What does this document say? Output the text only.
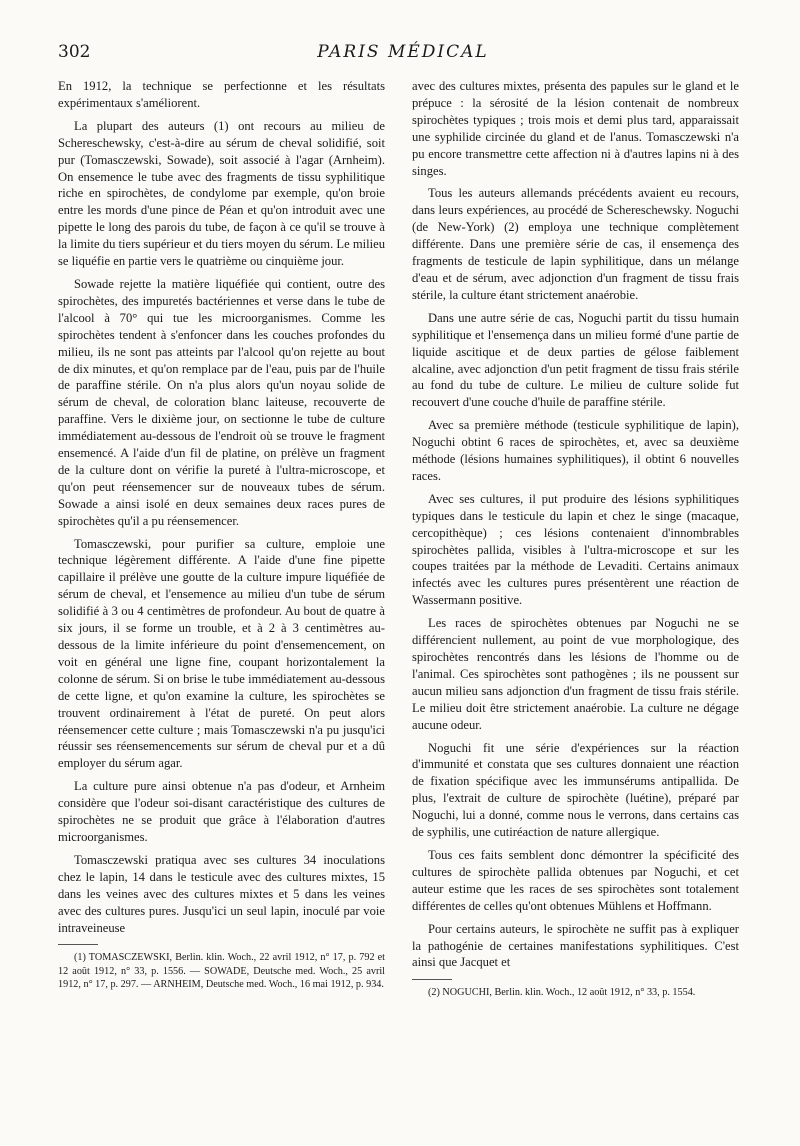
302	PARIS MÉDICAL

En 1912, la technique se perfectionne et les résultats expérimentaux s'améliorent.

La plupart des auteurs (1) ont recours au milieu de Schereschewsky, c'est-à-dire au sérum de cheval solidifié, soit pur (Tomasczewski, Sowade), soit associé à l'agar (Arnheim). On ensemence le tube avec des fragments de tissu syphilitique riche en spirochètes, de condylome par exemple, qu'on broie entre les mords d'une pince de Péan et qu'on introduit avec une pipette le long des parois du tube, de façon à ce qu'il se trouve à la limite du tiers supérieur et du tiers moyen du sérum. Le milieu se liquéfie en partie vers le quatrième ou cinquième jour.

Sowade rejette la matière liquéfiée qui contient, outre des spirochètes, des impuretés bactériennes et verse dans le tube de l'alcool à 70° qui tue les microorganismes. Comme les spirochètes tendent à s'enfoncer dans les couches profondes du milieu, ils ne sont pas atteints par l'alcool qu'on rejette au bout de dix minutes, et qu'on remplace par de l'eau, puis par de l'huile de paraffine stérile. On n'a plus alors qu'un noyau solide de sérum de cheval, de coloration blanc laiteuse, recouverte de paraffine. Vers le dixième jour, on sectionne le tube de culture immédiatement au-dessous de l'endroit où se trouve le fragment ensemencé. A l'aide d'un fil de platine, on prélève un fragment de la culture dont on vérifie la pureté à l'ultra-microscope, et qu'on peut réensemencer sur de nouveaux tubes de sérum. Sowade a ainsi isolé en deux semaines deux races pures de spirochètes qu'il a pu réensemencer.

Tomasczewski, pour purifier sa culture, emploie une technique légèrement différente. A l'aide d'une fine pipette capillaire il prélève une goutte de la culture impure liquéfiée de sérum de cheval, et l'ensemence au milieu d'un tube de sérum solidifié à 3 ou 4 centimètres de profondeur. Au bout de quatre à six jours, il se forme un trouble, et à 2 à 3 centimètres au-dessous de la limite inférieure du point d'ensemencement, on voit en général une ligne fine, coupant horizontalement la colonne de sérum. Si on brise le tube immédiatement au-dessous de cette ligne, et qu'on examine la culture, les spirochètes se trouvent ordinairement à l'état de pureté. On peut alors réensemencer cette culture ; mais Tomasczewski n'a pu jusqu'ici réussir ses réensemencements sur sérum de cheval pur et a dû employer du sérum agar.

La culture pure ainsi obtenue n'a pas d'odeur, et Arnheim considère que l'odeur soi-disant caractéristique des cultures de spirochètes ne se produit que grâce à l'élaboration d'autres microorganismes.

Tomasczewski pratiqua avec ses cultures 34 inoculations chez le lapin, 14 dans le testicule avec des cultures mixtes, 15 dans les veines avec des cultures mixtes et 5 dans les veines avec des cultures pures. Jusqu'ici un seul lapin, inoculé par voie intraveineuse

(1) TOMASCZEWSKI, Berlin. klin. Woch., 22 avril 1912, n° 17, p. 792 et 12 août 1912, n° 33, p. 1556. — SOWADE, Deutsche med. Woch., 25 avril 1912, n° 17, p. 297. — ARNHEIM, Deutsche med. Woch., 16 mai 1912, p. 934.

avec des cultures mixtes, présenta des papules sur le gland et le prépuce : la sérosité de la lésion contenait de nombreux spirochètes typiques ; trois mois et demi plus tard, apparaissait une syphilide circinée du gland et de l'anus. Tomasczewski n'a pu encore transmettre cette affection ni à d'autres lapins ni à des singes.

Tous les auteurs allemands précédents avaient eu recours, dans leurs expériences, au procédé de Schereschewsky. Noguchi (de New-York) (2) employa une technique complètement différente. Dans une première série de cas, il ensemença des fragments de testicule de lapin syphilitique, dans un mélange d'eau et de sérum, avec adjonction d'un fragment de tissu frais stérile, la culture étant strictement anaérobie.

Dans une autre série de cas, Noguchi partit du tissu humain syphilitique et l'ensemença dans un milieu formé d'une partie de liquide ascitique et de deux parties de gélose faiblement alcaline, avec adjonction d'un petit fragment de tissu frais stérile au fond du tube de culture. Le milieu de culture solide fut recouvert d'une couche d'huile de paraffine stérile.

Avec sa première méthode (testicule syphilitique de lapin), Noguchi obtint 6 races de spirochètes, et, avec sa deuxième méthode (lésions humaines syphilitiques), il obtint 6 nouvelles races.

Avec ses cultures, il put produire des lésions syphilitiques typiques dans le testicule du lapin et chez le singe (macaque, cercopithèque) ; ces lésions contenaient d'innombrables spirochètes pallida, visibles à l'ultra-microscope et sur les coupes traitées par la méthode de Levaditi. Certains animaux infectés avec les cultures pures présentèrent une réaction de Wassermann positive.

Les races de spirochètes obtenues par Noguchi ne se différencient nullement, au point de vue morphologique, des spirochètes rencontrés dans les lésions de l'homme ou de l'animal. Ces spirochètes sont pathogènes ; ils ne poussent sur aucun milieu sans adjonction d'un fragment de tissu frais stérile. Le milieu doit être strictement anaérobie. La culture ne dégage aucune odeur.

Noguchi fit une série d'expériences sur la réaction d'immunité et constata que ses cultures donnaient une réaction de fixation spécifique avec les immunsérums antipallida. De plus, l'extrait de culture de spirochète (luétine), préparé par Noguchi, lui a donné, comme nous le verrons, dans certains cas de syphilis, une cutiréaction de nature allergique.

Tous ces faits semblent donc démontrer la spécificité des cultures de spirochète pallida obtenues par Noguchi, et cet auteur estime que les races de ses spirochètes sont totalement différentes de celles qu'ont obtenues Mühlens et Hoffmann.

Pour certains auteurs, le spirochète ne suffit pas à expliquer la pathogénie de certaines manifestations syphilitiques. C'est ainsi que Jacquet et

(2) NOGUCHI, Berlin. klin. Woch., 12 août 1912, n° 33, p. 1554.
